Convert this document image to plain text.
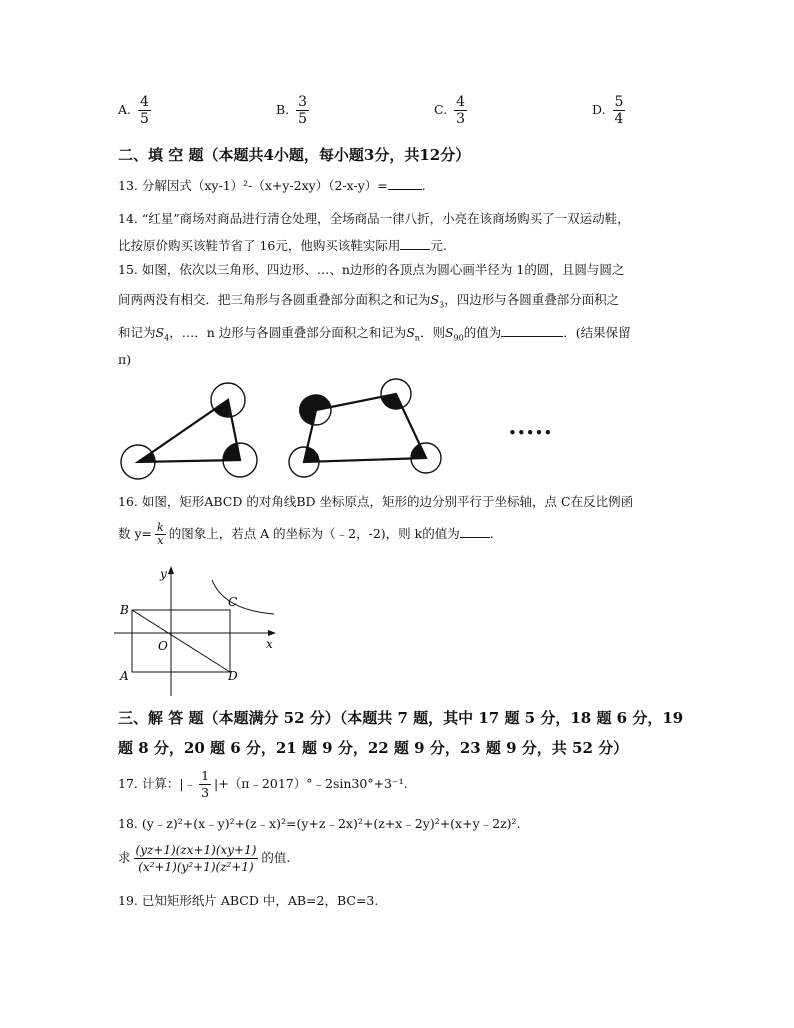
A. $\frac{4}{5}$	B. $\frac{3}{5}$	C. $\frac{4}{3}$	D. $\frac{5}{4}$
二、填 空 题（本题共4小题，每小题3分，共12分）
13. 分解因式（xy-1）²-（x+y-2xy）（2-x-y）=	.
14. “红星”商场对商品进行清仓处理，全场商品一律八折，小亮在该商场购买了一双运动鞋，
比按原价购买该鞋节省了 16元，他购买该鞋实际用 元.
15. 如图，依次以三角形、四边形、…、n边形的各顶点为圆心画半径为 1的圆，且圆与圆之
间两两没有相交．把三角形与各圆重叠部分面积之和记为$S_3$，四边形与各圆重叠部分面积之
和记为$S_4$，…．n 边形与各圆重叠部分面积之和记为$S_n$．则$S_{90}$的值为	．(结果保留
π)
•••••
16. 如图，矩形ABCD 的对角线BD 坐标原点，矩形的边分别平行于坐标轴，点 C在反比例函
数 $y= \frac{k}{x}$ 的图象上，若点 A 的坐标为（﹣2，-2)，则 k的值为 .
y
x
B
C
O
A	D
三、解 答 题（本题满分 52 分）（本题共 7 题，其中 17 题 5 分，18 题 6 分，19
题 8 分，20 题 6 分，21 题 9 分，22 题 9 分，23 题 9 分，共 52 分）
17. 计算：|﹣ $\frac{1}{3}$ |+（π﹣2017）°﹣2sin30°+3⁻¹.
18. (y﹣z)²+(x﹣y)²+(z﹣x)²=(y+z﹣2x)²+(z+x﹣2y)²+(x+y﹣2z)².
求 $\frac{(yz+1)(zx+1)(xy+1)}{\text{(x²+1)(y²+1)(z²+1)}}$ 的值.
19. 已知矩形纸片 ABCD 中，AB=2，BC=3.
